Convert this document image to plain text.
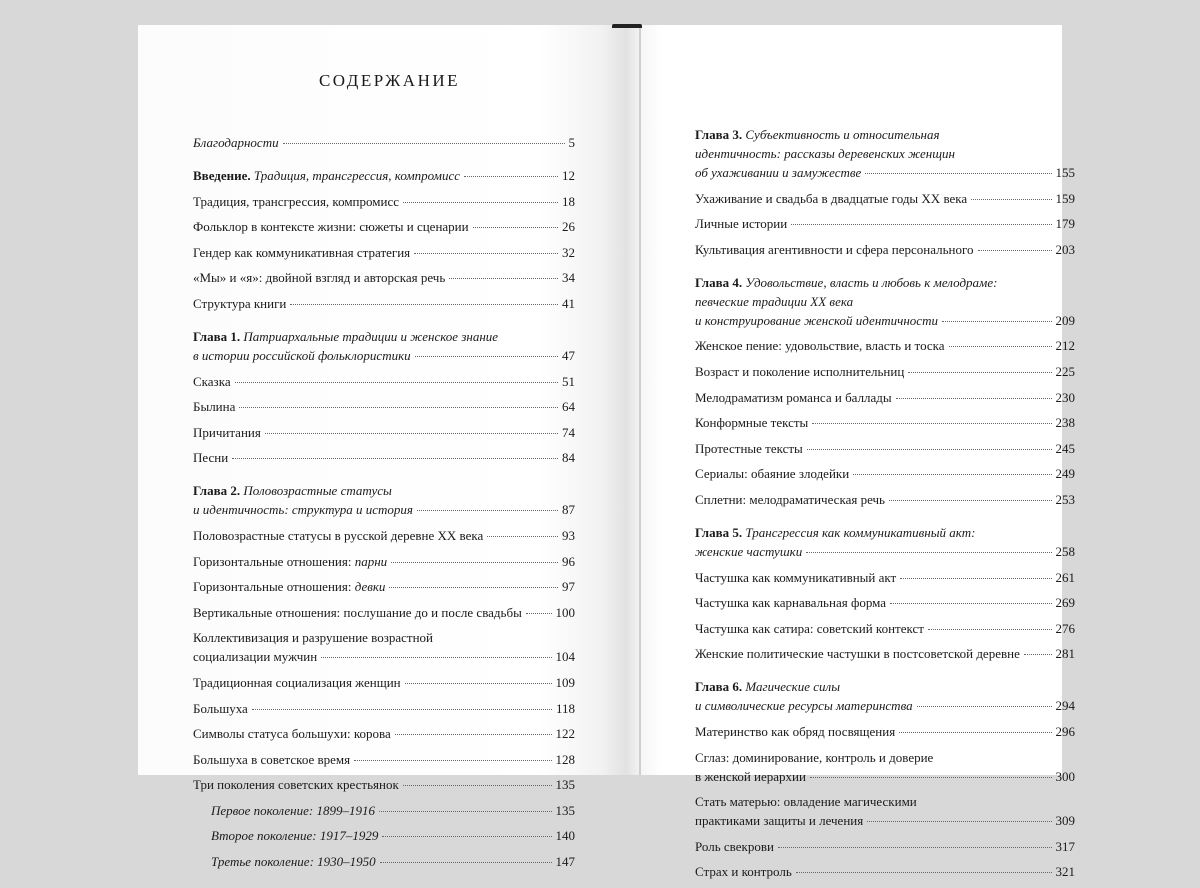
СОДЕРЖАНИЕ
Благодарности	5
Введение. Традиция, трансгрессия, компромисс	12
Традиция, трансгрессия, компромисс	18
Фольклор в контексте жизни: сюжеты и сценарии	26
Гендер как коммуникативная стратегия	32
«Мы» и «я»: двойной взгляд и авторская речь	34
Структура книги	41
Глава 1. Патриархальные традиции и женское знание
в истории российской фольклористики	47
Сказка	51
Былина	64
Причитания	74
Песни	84
Глава 2. Половозрастные статусы
и идентичность: структура и история	87
Половозрастные статусы в русской деревне XX века	93
Горизонтальные отношения: парни	96
Горизонтальные отношения: девки	97
Вертикальные отношения: послушание до и после свадьбы	100
Коллективизация и разрушение возрастной
социализации мужчин	104
Традиционная социализация женщин	109
Большуха	118
Символы статуса большухи: корова	122
Большуха в советское время	128
Три поколения советских крестьянок	135
Первое поколение: 1899–1916	135
Второе поколение: 1917–1929	140
Третье поколение: 1930–1950	147
Глава 3. Субъективность и относительная
идентичность: рассказы деревенских женщин
об ухаживании и замужестве	155
Ухаживание и свадьба в двадцатые годы XX века	159
Личные истории	179
Культивация агентивности и сфера персонального	203
Глава 4. Удовольствие, власть и любовь к мелодраме:
певческие традиции XX века
и конструирование женской идентичности	209
Женское пение: удовольствие, власть и тоска	212
Возраст и поколение исполнительниц	225
Мелодраматизм романса и баллады	230
Конформные тексты	238
Протестные тексты	245
Сериалы: обаяние злодейки	249
Сплетни: мелодраматическая речь	253
Глава 5. Трансгрессия как коммуникативный акт:
женские частушки	258
Частушка как коммуникативный акт	261
Частушка как карнавальная форма	269
Частушка как сатира: советский контекст	276
Женские политические частушки в постсоветской деревне	281
Глава 6. Магические силы
и символические ресурсы материнства	294
Материнство как обряд посвящения	296
Сглаз: доминирование, контроль и доверие
в женской иерархии	300
Стать матерью: овладение магическими
практиками защиты и лечения	309
Роль свекрови	317
Страх и контроль	321
